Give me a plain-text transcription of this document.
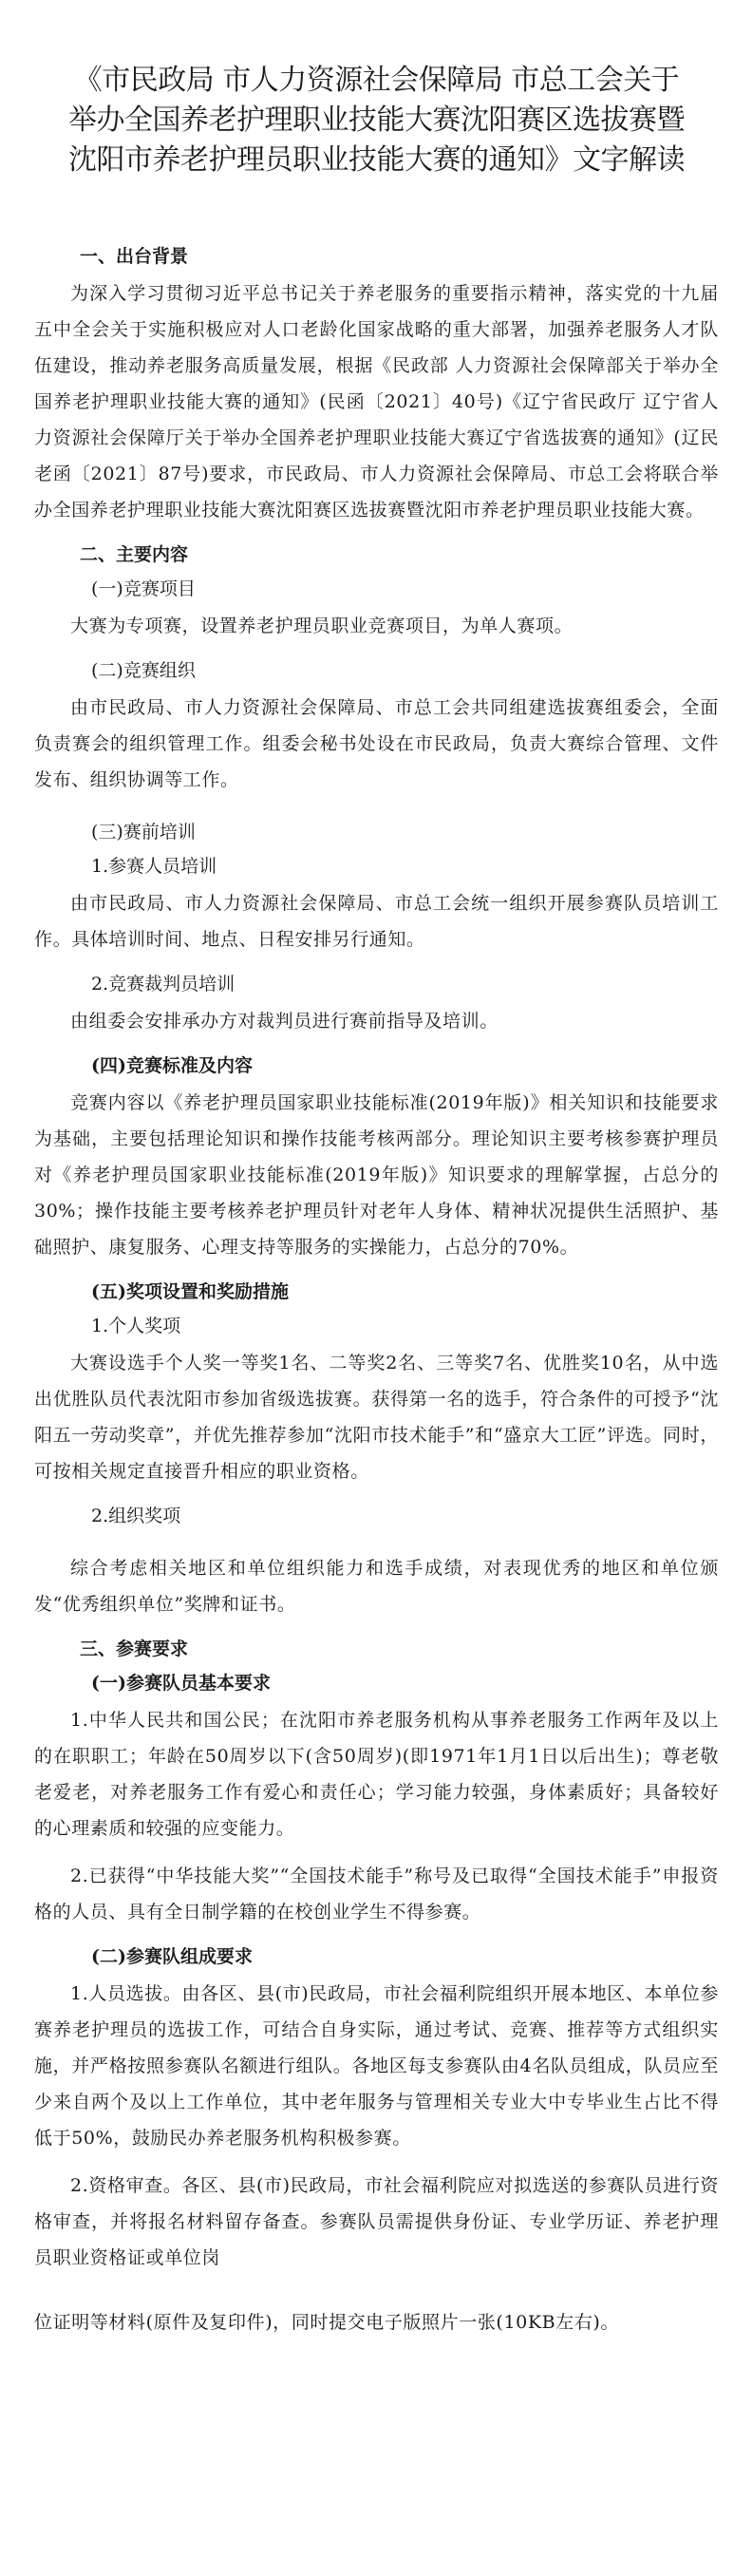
《市民政局 市人力资源社会保障局 市总工会关于
举办全国养老护理职业技能大赛沈阳赛区选拔赛暨
沈阳市养老护理员职业技能大赛的通知》文字解读
一、出台背景

为深入学习贯彻习近平总书记关于养老服务的重要指示精神，落实党的十九届五中全会关于实施积极应对人口老龄化国家战略的重大部署，加强养老服务人才队伍建设，推动养老服务高质量发展，根据《民政部 人力资源社会保障部关于举办全国养老护理职业技能大赛的通知》(民函〔2021〕40号)《辽宁省民政厅 辽宁省人力资源社会保障厅关于举办全国养老护理职业技能大赛辽宁省选拔赛的通知》(辽民老函〔2021〕87号)要求，市民政局、市人力资源社会保障局、市总工会将联合举办全国养老护理职业技能大赛沈阳赛区选拔赛暨沈阳市养老护理员职业技能大赛。

二、主要内容
(一)竞赛项目

大赛为专项赛，设置养老护理员职业竞赛项目，为单人赛项。

(二)竞赛组织

由市民政局、市人力资源社会保障局、市总工会共同组建选拔赛组委会，全面负责赛会的组织管理工作。组委会秘书处设在市民政局，负责大赛综合管理、文件发布、组织协调等工作。

(三)赛前培训
1.参赛人员培训

由市民政局、市人力资源社会保障局、市总工会统一组织开展参赛队员培训工作。具体培训时间、地点、日程安排另行通知。

2.竞赛裁判员培训

由组委会安排承办方对裁判员进行赛前指导及培训。

(四)竞赛标准及内容

竞赛内容以《养老护理员国家职业技能标准(2019年版)》相关知识和技能要求为基础，主要包括理论知识和操作技能考核两部分。理论知识主要考核参赛护理员对《养老护理员国家职业技能标准(2019年版)》知识要求的理解掌握，占总分的30%；操作技能主要考核养老护理员针对老年人身体、精神状况提供生活照护、基础照护、康复服务、心理支持等服务的实操能力，占总分的70%。

(五)奖项设置和奖励措施
1.个人奖项

大赛设选手个人奖一等奖1名、二等奖2名、三等奖7名、优胜奖10名，从中选出优胜队员代表沈阳市参加省级选拔赛。获得第一名的选手，符合条件的可授予“沈阳五一劳动奖章”，并优先推荐参加“沈阳市技术能手”和“盛京大工匠”评选。同时，可按相关规定直接晋升相应的职业资格。

2.组织奖项

综合考虑相关地区和单位组织能力和选手成绩，对表现优秀的地区和单位颁发“优秀组织单位”奖牌和证书。

三、参赛要求
(一)参赛队员基本要求

1.中华人民共和国公民；在沈阳市养老服务机构从事养老服务工作两年及以上的在职职工；年龄在50周岁以下(含50周岁)(即1971年1月1日以后出生)；尊老敬老爱老，对养老服务工作有爱心和责任心；学习能力较强，身体素质好；具备较好的心理素质和较强的应变能力。

2.已获得“中华技能大奖”“全国技术能手”称号及已取得“全国技术能手”申报资格的人员、具有全日制学籍的在校创业学生不得参赛。

(二)参赛队组成要求

1.人员选拔。由各区、县(市)民政局，市社会福利院组织开展本地区、本单位参赛养老护理员的选拔工作，可结合自身实际，通过考试、竞赛、推荐等方式组织实施，并严格按照参赛队名额进行组队。各地区每支参赛队由4名队员组成，队员应至少来自两个及以上工作单位，其中老年服务与管理相关专业大中专毕业生占比不得低于50%，鼓励民办养老服务机构积极参赛。

2.资格审查。各区、县(市)民政局，市社会福利院应对拟选送的参赛队员进行资格审查，并将报名材料留存备查。参赛队员需提供身份证、专业学历证、养老护理员职业资格证或单位岗

位证明等材料(原件及复印件)，同时提交电子版照片一张(10KB左右)。
